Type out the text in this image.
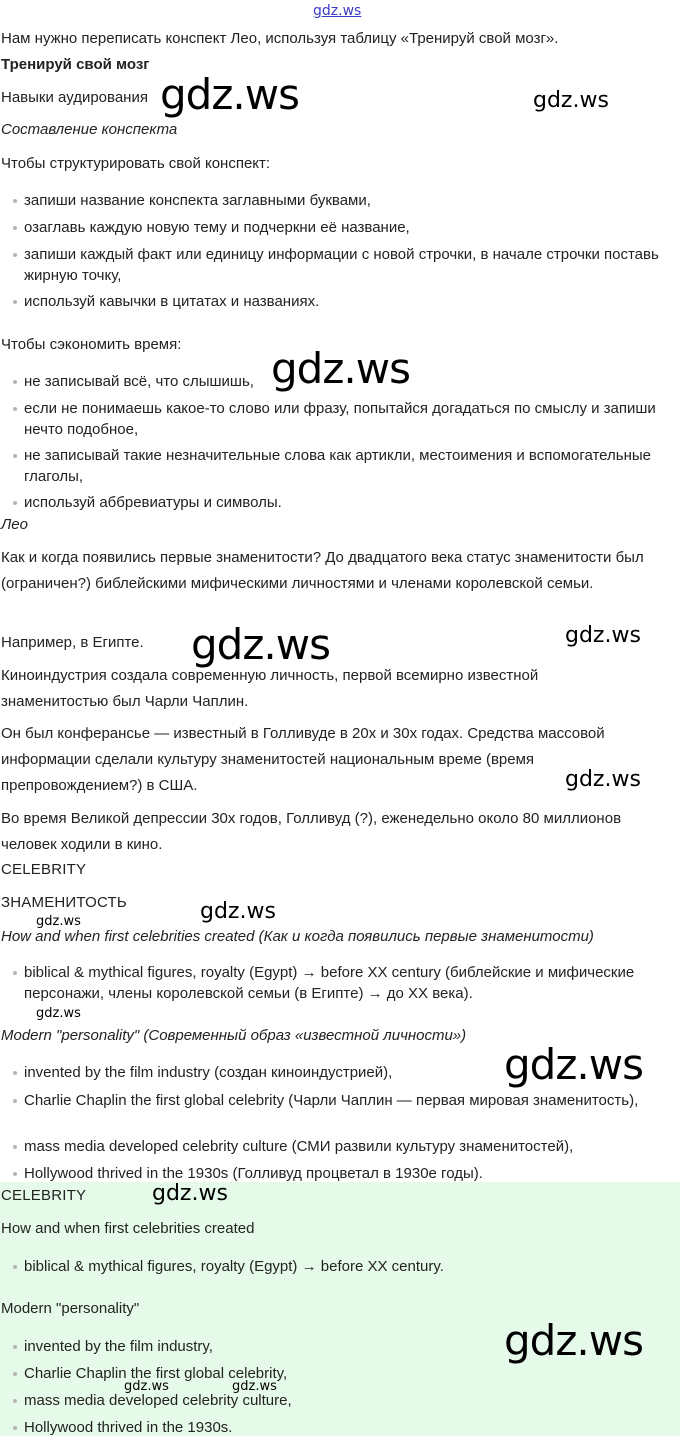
gdz.ws
Нам нужно переписать конспект Лео, используя таблицу «Тренируй свой мозг».
Тренируй свой мозг
Навыки аудирования
Составление конспекта
Чтобы структурировать свой конспект:
запиши название конспекта заглавными буквами,
озаглавь каждую новую тему и подчеркни её название,
запиши каждый факт или единицу информации с новой строчки, в начале строчки поставь жирную точку,
используй кавычки в цитатах и названиях.
Чтобы сэкономить время:
не записывай всё, что слышишь,
если не понимаешь какое-то слово или фразу, попытайся догадаться по смыслу и запиши нечто подобное,
не записывай такие незначительные слова как артикли, местоимения и вспомогательные глаголы,
используй аббревиатуры и символы.
Лео
Как и когда появились первые знаменитости? До двадцатого века статус знаменитости был (ограничен?) библейскими мифическими личностями и членами королевской семьи.
Например, в Египте.
Киноиндустрия создала современную личность, первой всемирно известной знаменитостью был Чарли Чаплин.
Он был конферансье — известный в Голливуде в 20х и 30х годах. Средства массовой информации сделали культуру знаменитостей национальным време (время препровождением?) в США.
Во время Великой депрессии 30х годов, Голливуд (?), еженедельно около 80 миллионов человек ходили в кино.
CELEBRITY
ЗНАМЕНИТОСТЬ
How and when first celebrities created (Как и когда появились первые знаменитости)
biblical & mythical figures, royalty (Egypt) → before XX century (библейские и мифические персонажи, члены королевской семьи (в Египте) → до XX века).
Modern "personality" (Современный образ «известной личности»)
invented by the film industry (создан киноиндустрией),
Charlie Chaplin the first global celebrity (Чарли Чаплин — первая мировая знаменитость),
mass media developed celebrity culture (СМИ развили культуру знаменитостей),
Hollywood thrived in the 1930s (Голливуд процветал в 1930е годы).
CELEBRITY
How and when first celebrities created
biblical & mythical figures, royalty (Egypt) → before XX century.
Modern "personality"
invented by the film industry,
Charlie Chaplin the first global celebrity,
mass media developed celebrity culture,
Hollywood thrived in the 1930s.
gdz.ws	gdz.ws
gdz.ws
gdz.ws	gdz.ws
gdz.ws
gdz.ws
gdz.ws
gdz.ws
gdz.ws
gdz.ws
gdz.ws
gdz.ws	gdz.ws
